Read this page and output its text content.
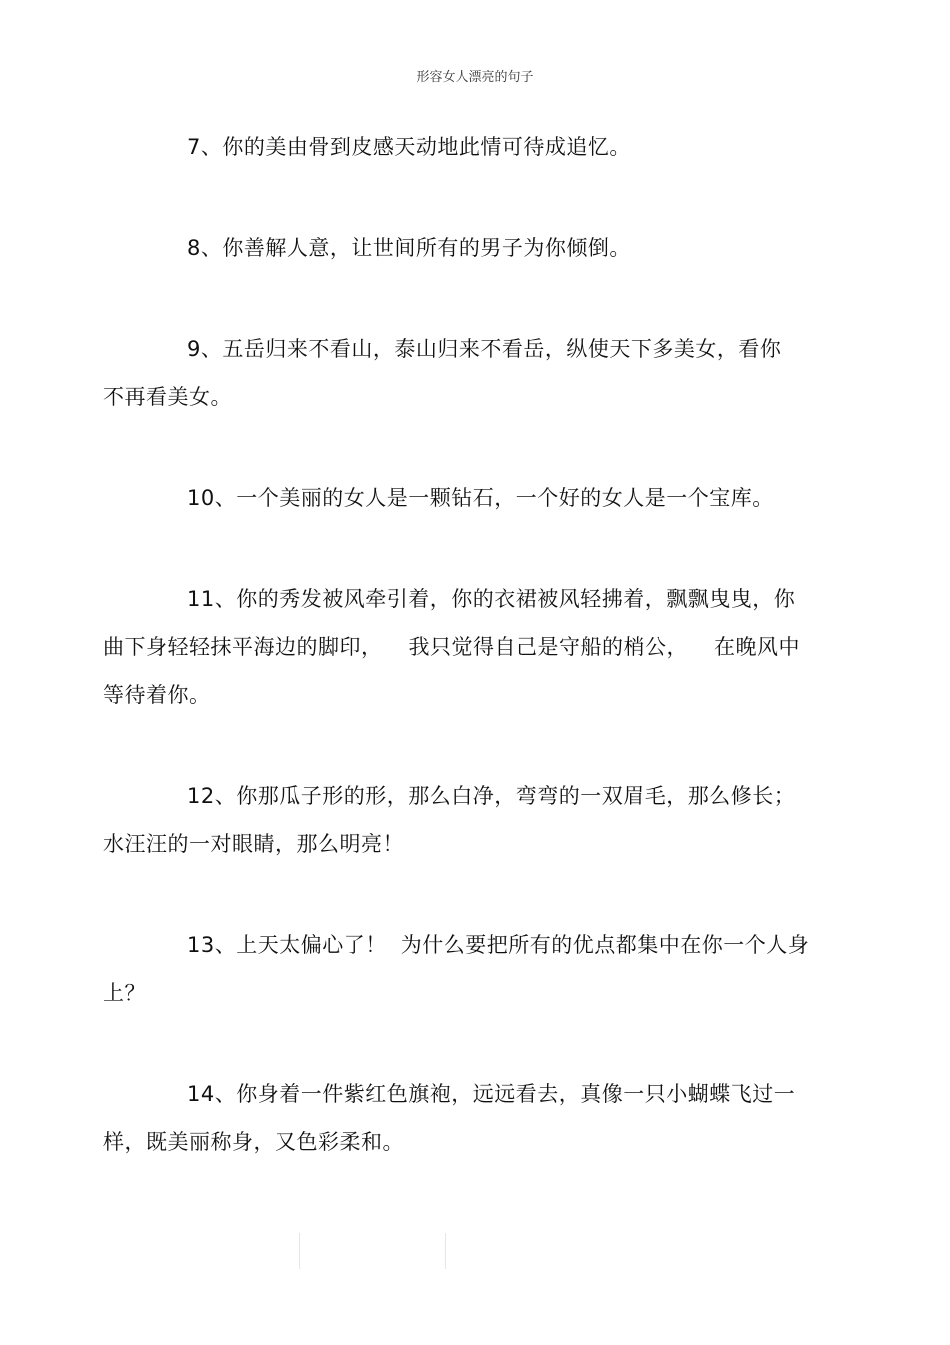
形容女人漂亮的句子

7、你的美由骨到皮感天动地此情可待成追忆。

8、你善解人意，让世间所有的男子为你倾倒。

9、五岳归来不看山，泰山归来不看岳，纵使天下多美女，看你
不再看美女。

10、一个美丽的女人是一颗钻石，一个好的女人是一个宝库。

11、你的秀发被风牵引着，你的衣裙被风轻拂着，飘飘曳曳，你
曲下身轻轻抹平海边的脚印， 我只觉得自己是守船的梢公， 在晚风中
等待着你。

12、你那瓜子形的形，那么白净，弯弯的一双眉毛，那么修长；
水汪汪的一对眼睛，那么明亮！

13、上天太偏心了！ 为什么要把所有的优点都集中在你一个人身
上？

14、你身着一件紫红色旗袍，远远看去，真像一只小蝴蝶飞过一
样，既美丽称身，又色彩柔和。
